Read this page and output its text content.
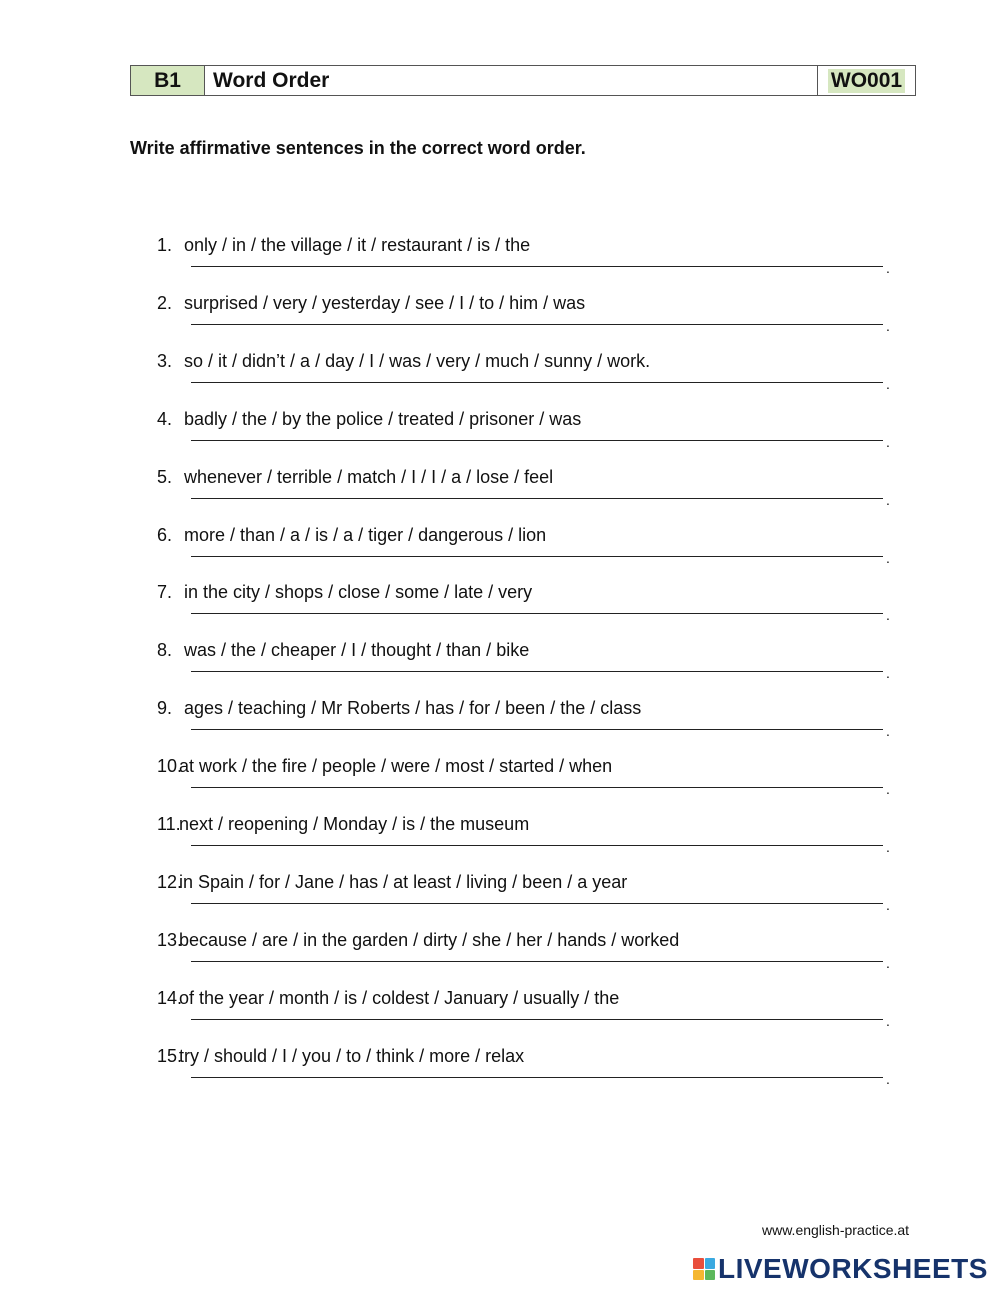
B1	Word Order	WO001
Write affirmative sentences in the correct word order.
1. only / in / the village / it / restaurant / is / the
.
2. surprised / very / yesterday / see / I / to / him / was
.
3. so / it / didn’t / a / day / I / was / very / much / sunny / work.
.
4. badly / the / by the police / treated / prisoner / was
.
5. whenever / terrible / match / I / I / a / lose / feel
.
6. more / than / a / is / a / tiger / dangerous / lion
.
7. in the city / shops / close / some / late / very
.
8. was / the / cheaper / I / thought / than / bike
.
9. ages / teaching / Mr Roberts / has / for / been / the / class
.
10.
at work / the fire / people / were / most / started / when
.
11.
next / reopening / Monday / is / the museum
.
12.
in Spain / for / Jane / has / at least / living / been / a year
.
13.
because / are / in the garden / dirty / she / her / hands / worked
.
14.
of the year / month / is / coldest / January / usually / the
.
15.
try / should / I / you / to / think / more / relax
.
www.english-practice.at
LIVEWORKSHEETS
